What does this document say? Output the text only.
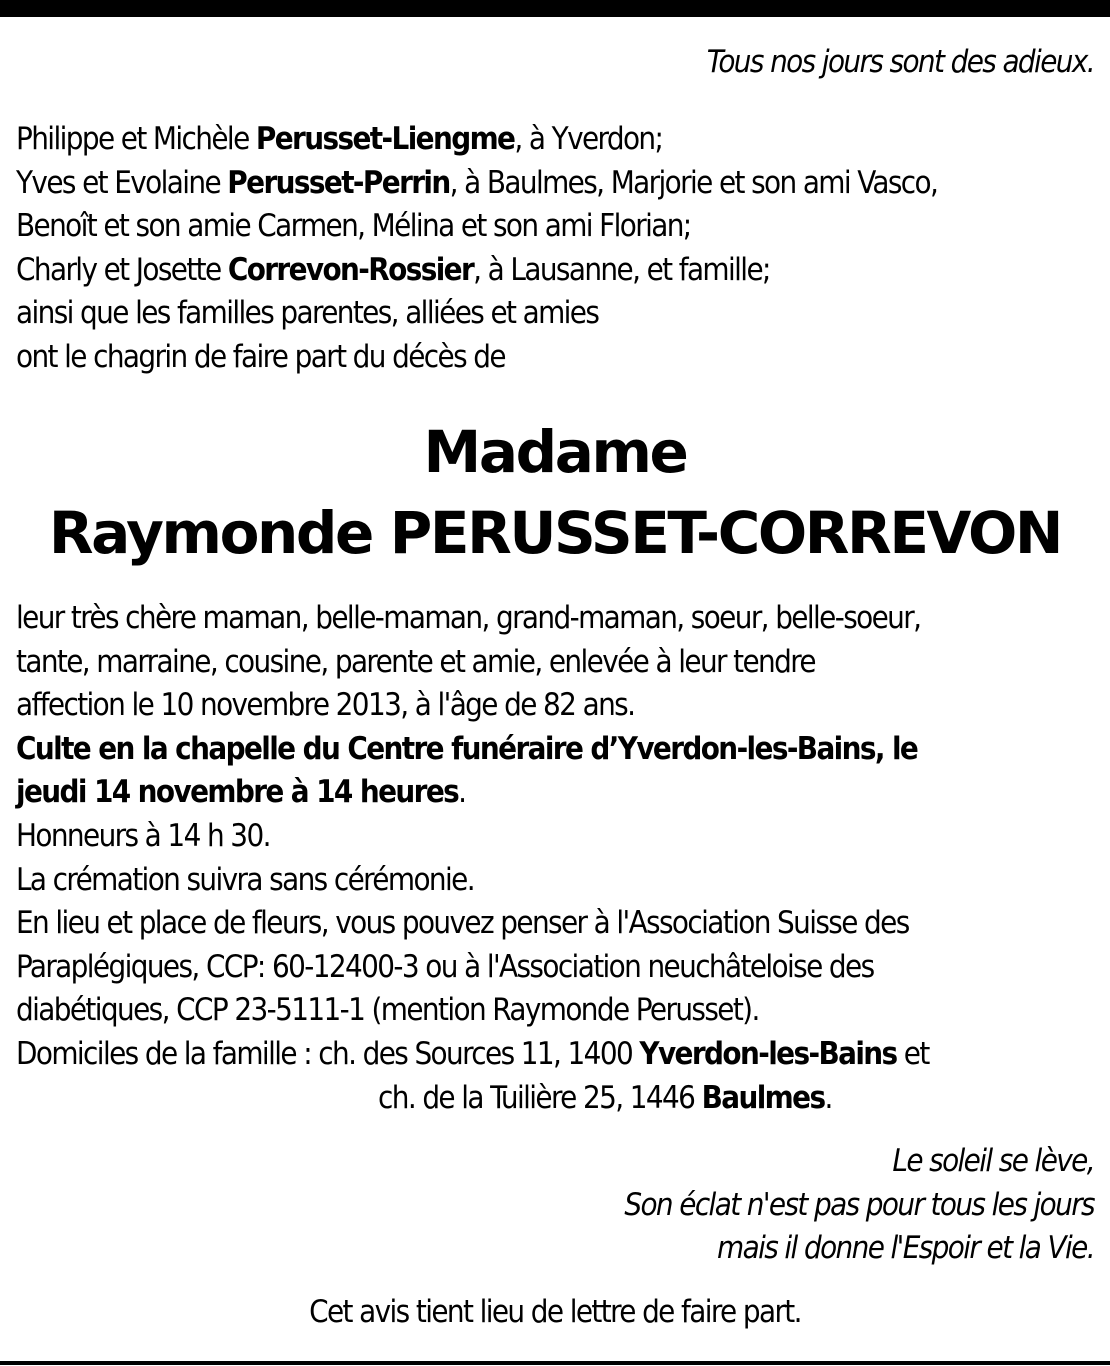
Tous nos jours sont des adieux.

Philippe et Michèle Perusset-Liengme, à Yverdon;
Yves et Evolaine Perusset-Perrin, à Baulmes, Marjorie et son ami Vasco,
Benoît et son amie Carmen, Mélina et son ami Florian;
Charly et Josette Correvon-Rossier, à Lausanne, et famille;
ainsi que les familles parentes, alliées et amies
ont le chagrin de faire part du décès de
Madame
Raymonde PERUSSET-CORREVON
leur très chère maman, belle-maman, grand-maman, soeur, belle-soeur,
tante, marraine, cousine, parente et amie, enlevée à leur tendre
affection le 10 novembre 2013, à l'âge de 82 ans.
Culte en la chapelle du Centre funéraire d’Yverdon-les-Bains, le
jeudi 14 novembre à 14 heures.
Honneurs à 14 h 30.
La crémation suivra sans cérémonie.
En lieu et place de fleurs, vous pouvez penser à l'Association Suisse des
Paraplégiques, CCP: 60-12400-3 ou à l'Association neuchâteloise des
diabétiques, CCP 23-5111-1 (mention Raymonde Perusset).
Domiciles de la famille : ch. des Sources 11, 1400 Yverdon-les-Bains et
ch. de la Tuilière 25, 1446 Baulmes.
Le soleil se lève,
Son éclat n'est pas pour tous les jours
mais il donne l'Espoir et la Vie.
Cet avis tient lieu de lettre de faire part.
